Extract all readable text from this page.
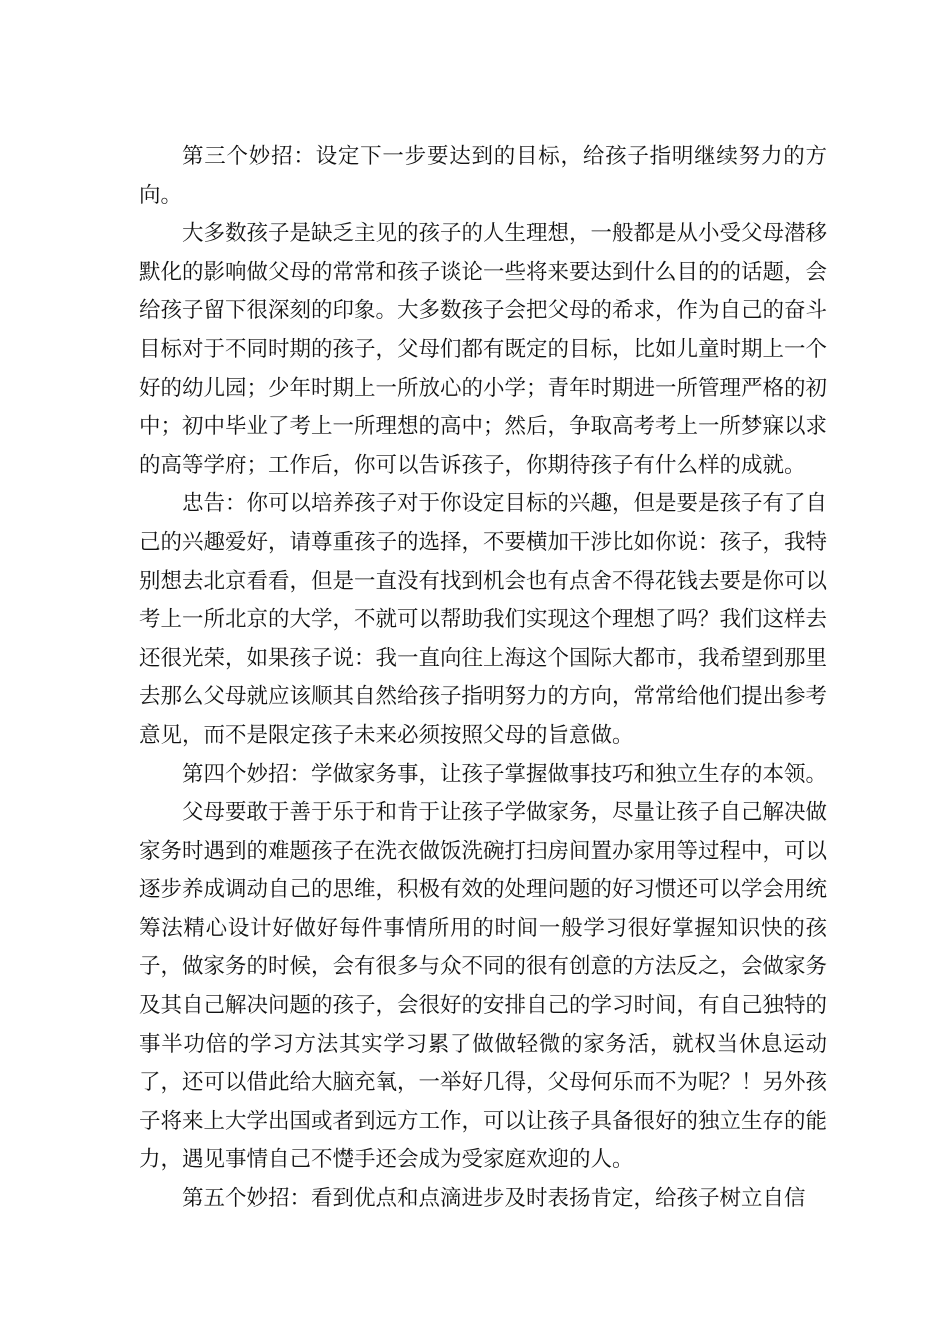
第三个妙招：设定下一步要达到的目标，给孩子指明继续努力的方向。

大多数孩子是缺乏主见的孩子的人生理想，一般都是从小受父母潜移默化的影响做父母的常常和孩子谈论一些将来要达到什么目的的话题，会给孩子留下很深刻的印象。大多数孩子会把父母的希求，作为自己的奋斗目标对于不同时期的孩子，父母们都有既定的目标，比如儿童时期上一个好的幼儿园；少年时期上一所放心的小学；青年时期进一所管理严格的初中；初中毕业了考上一所理想的高中；然后，争取高考考上一所梦寐以求的高等学府；工作后，你可以告诉孩子，你期待孩子有什么样的成就。

忠告：你可以培养孩子对于你设定目标的兴趣，但是要是孩子有了自己的兴趣爱好，请尊重孩子的选择，不要横加干涉比如你说：孩子，我特别想去北京看看，但是一直没有找到机会也有点舍不得花钱去要是你可以考上一所北京的大学，不就可以帮助我们实现这个理想了吗？我们这样去还很光荣，如果孩子说：我一直向往上海这个国际大都市，我希望到那里去那么父母就应该顺其自然给孩子指明努力的方向，常常给他们提出参考意见，而不是限定孩子未来必须按照父母的旨意做。

第四个妙招：学做家务事，让孩子掌握做事技巧和独立生存的本领。

父母要敢于善于乐于和肯于让孩子学做家务，尽量让孩子自己解决做家务时遇到的难题孩子在洗衣做饭洗碗打扫房间置办家用等过程中，可以逐步养成调动自己的思维，积极有效的处理问题的好习惯还可以学会用统筹法精心设计好做好每件事情所用的时间一般学习很好掌握知识快的孩子，做家务的时候，会有很多与众不同的很有创意的方法反之，会做家务及其自己解决问题的孩子，会很好的安排自己的学习时间，有自己独特的事半功倍的学习方法其实学习累了做做轻微的家务活，就权当休息运动了，还可以借此给大脑充氧，一举好几得，父母何乐而不为呢？！另外孩子将来上大学出国或者到远方工作，可以让孩子具备很好的独立生存的能力，遇见事情自己不憷手还会成为受家庭欢迎的人。

第五个妙招：看到优点和点滴进步及时表扬肯定，给孩子树立自信
